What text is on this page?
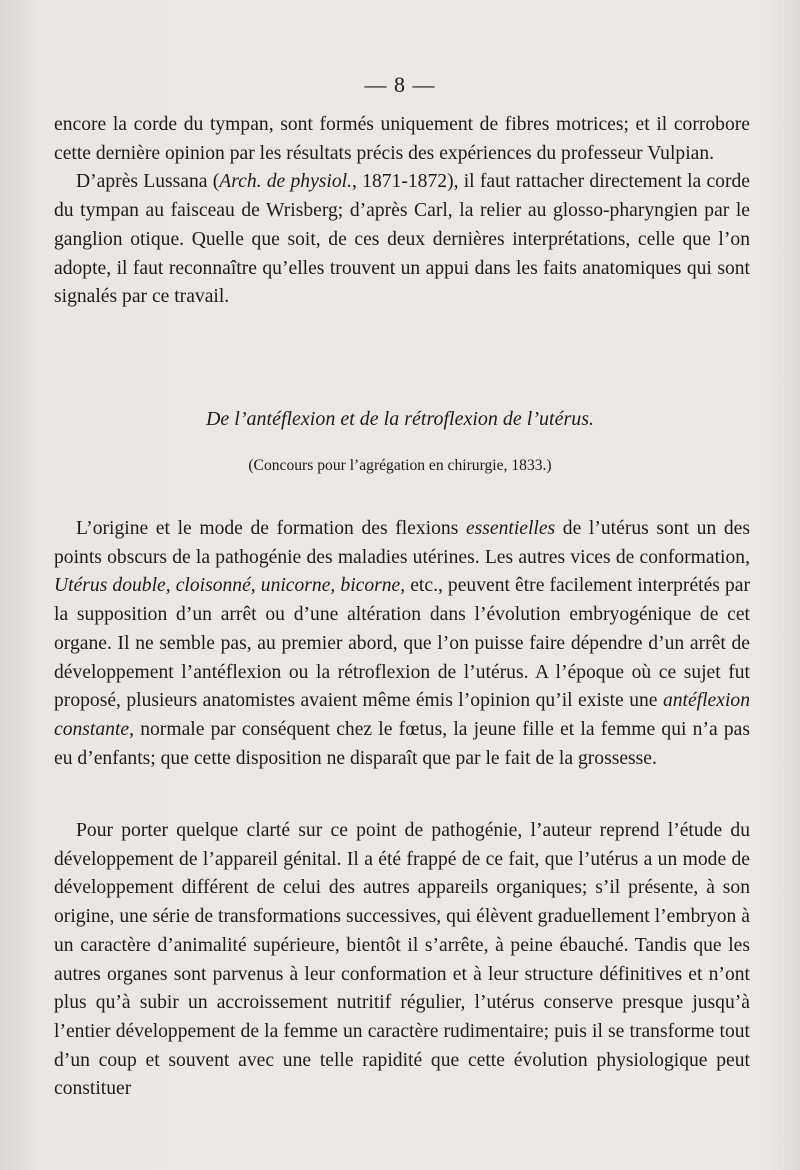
— 8 —

encore la corde du tympan, sont formés uniquement de fibres motrices; et il corrobore cette dernière opinion par les résultats précis des expériences du professeur Vulpian.

D’après Lussana (Arch. de physiol., 1871-1872), il faut rattacher directement la corde du tympan au faisceau de Wrisberg; d’après Carl, la relier au glosso-pharyngien par le ganglion otique. Quelle que soit, de ces deux dernières interprétations, celle que l’on adopte, il faut reconnaître qu’elles trouvent un appui dans les faits anatomiques qui sont signalés par ce travail.

De l’antéflexion et de la rétroflexion de l’utérus.
(Concours pour l’agrégation en chirurgie, 1833.)

L’origine et le mode de formation des flexions essentielles de l’utérus sont un des points obscurs de la pathogénie des maladies utérines. Les autres vices de conformation, Utérus double, cloisonné, unicorne, bicorne, etc., peuvent être facilement interprétés par la supposition d’un arrêt ou d’une altération dans l’évolution embryogénique de cet organe. Il ne semble pas, au premier abord, que l’on puisse faire dépendre d’un arrêt de développement l’antéflexion ou la rétroflexion de l’utérus. A l’époque où ce sujet fut proposé, plusieurs anatomistes avaient même émis l’opinion qu’il existe une antéflexion constante, normale par conséquent chez le fœtus, la jeune fille et la femme qui n’a pas eu d’enfants; que cette disposition ne disparaît que par le fait de la grossesse.

Pour porter quelque clarté sur ce point de pathogénie, l’auteur reprend l’étude du développement de l’appareil génital. Il a été frappé de ce fait, que l’utérus a un mode de développement différent de celui des autres appareils organiques; s’il présente, à son origine, une série de transformations successives, qui élèvent graduellement l’embryon à un caractère d’animalité supérieure, bientôt il s’arrête, à peine ébauché. Tandis que les autres organes sont parvenus à leur conformation et à leur structure définitives et n’ont plus qu’à subir un accroissement nutritif régulier, l’utérus conserve presque jusqu’à l’entier développement de la femme un caractère rudimentaire; puis il se transforme tout d’un coup et souvent avec une telle rapidité que cette évolution physiologique peut constituer
